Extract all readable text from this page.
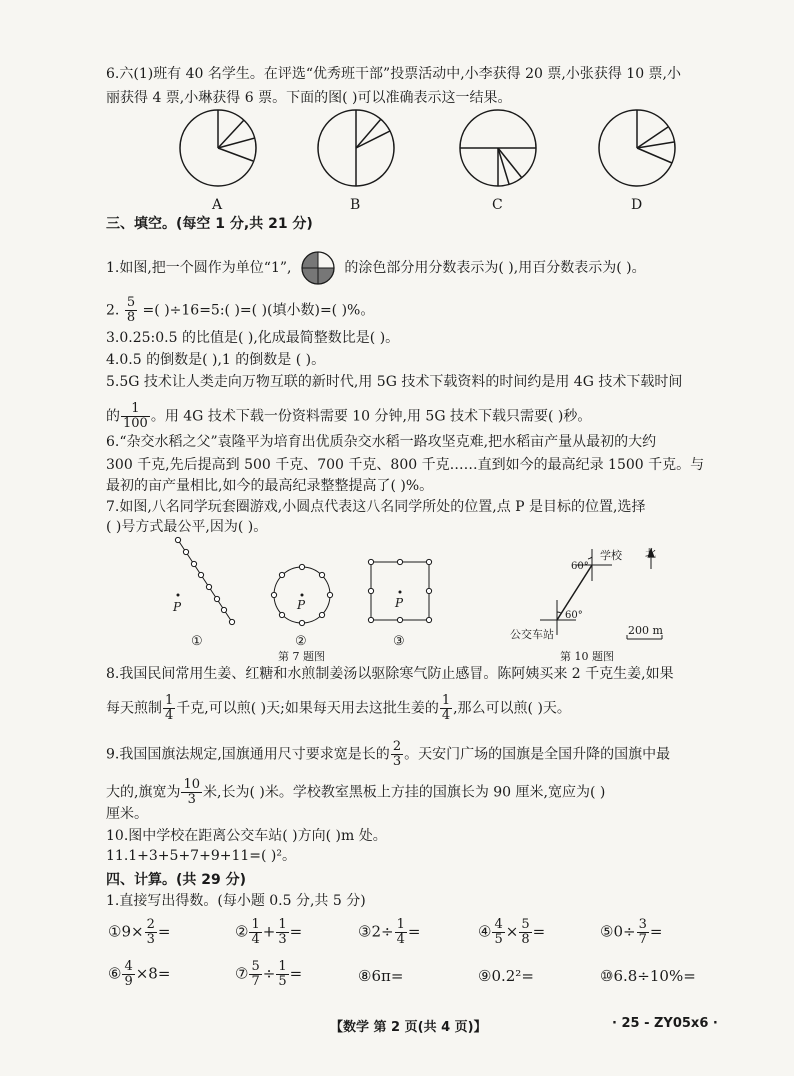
6.六(1)班有 40 名学生。在评选“优秀班干部”投票活动中,小李获得 20 票,小张获得 10 票,小
丽获得 4 票,小琳获得 6 票。下面的图( )可以准确表示这一结果。
A	B	C	D
三、填空。(每空 1 分,共 21 分)
1.如图,把一个圆作为单位“1”,	的涂色部分用分数表示为( ),用百分数表示为( )。
2. $\frac{5}{8}$ =( )÷16=5:( )=( )(填小数)=( )%。
3.0.25:0.5 的比值是( ),化成最简整数比是( )。
4.0.5 的倒数是( ),1 的倒数是 ( )。
5.5G 技术让人类走向万物互联的新时代,用 5G 技术下载资料的时间约是用 4G 技术下载时间
的 $\frac{1}{100}$ 。用 4G 技术下载一份资料需要 10 分钟,用 5G 技术下载只需要( )秒。
6.“杂交水稻之父”袁隆平为培育出优质杂交水稻一路攻坚克难,把水稻亩产量从最初的大约
300 千克,先后提高到 500 千克、700 千克、800 千克……直到如今的最高纪录 1500 千克。与
最初的亩产量相比,如今的最高纪录整整提高了( )%。
7.如图,八名同学玩套圈游戏,小圆点代表这八名同学所处的位置,点 P 是目标的位置,选择
( )号方式最公平,因为( )。
P	P	P
①	②	③
第 7 题图
学校 北
60°
60°
公交车站	200 m
第 10 题图
8.我国民间常用生姜、红糖和水煎制姜汤以驱除寒气防止感冒。陈阿姨买来 2 千克生姜,如果
每天煎制 $\frac{1}{4}$ 千克,可以煎( )天;如果每天用去这批生姜的 $\frac{1}{4}$ ,那么可以煎( )天。
9.我国国旗法规定,国旗通用尺寸要求宽是长的 $\frac{2}{3}$ 。天安门广场的国旗是全国升降的国旗中最
大的,旗宽为 $\frac{10}{3}$ 米,长为( )米。学校教室黑板上方挂的国旗长为 90 厘米,宽应为( )
厘米。
10.图中学校在距离公交车站( )方向( )m 处。
11.1+3+5+7+9+11=( )²。
四、计算。(共 29 分)
1.直接写出得数。(每小题 0.5 分,共 5 分)
①9× $\frac{2}{3}$ =	② $\frac{1}{4} + \frac{1}{3}$ =	③2÷ $\frac{1}{4}$ =	④ $\frac{4}{5} \times \frac{5}{8}$ =	⑤0÷ $\frac{3}{7}$ =
⑥ $\frac{4}{9} \times 8=$	⑦ $\frac{5}{7} \div \frac{1}{5}$ =	⑧6π=	⑨0.2²=	⑩6.8÷10%=
【数学 第 2 页(共 4 页)】	· 25 - ZY05x6 ·
